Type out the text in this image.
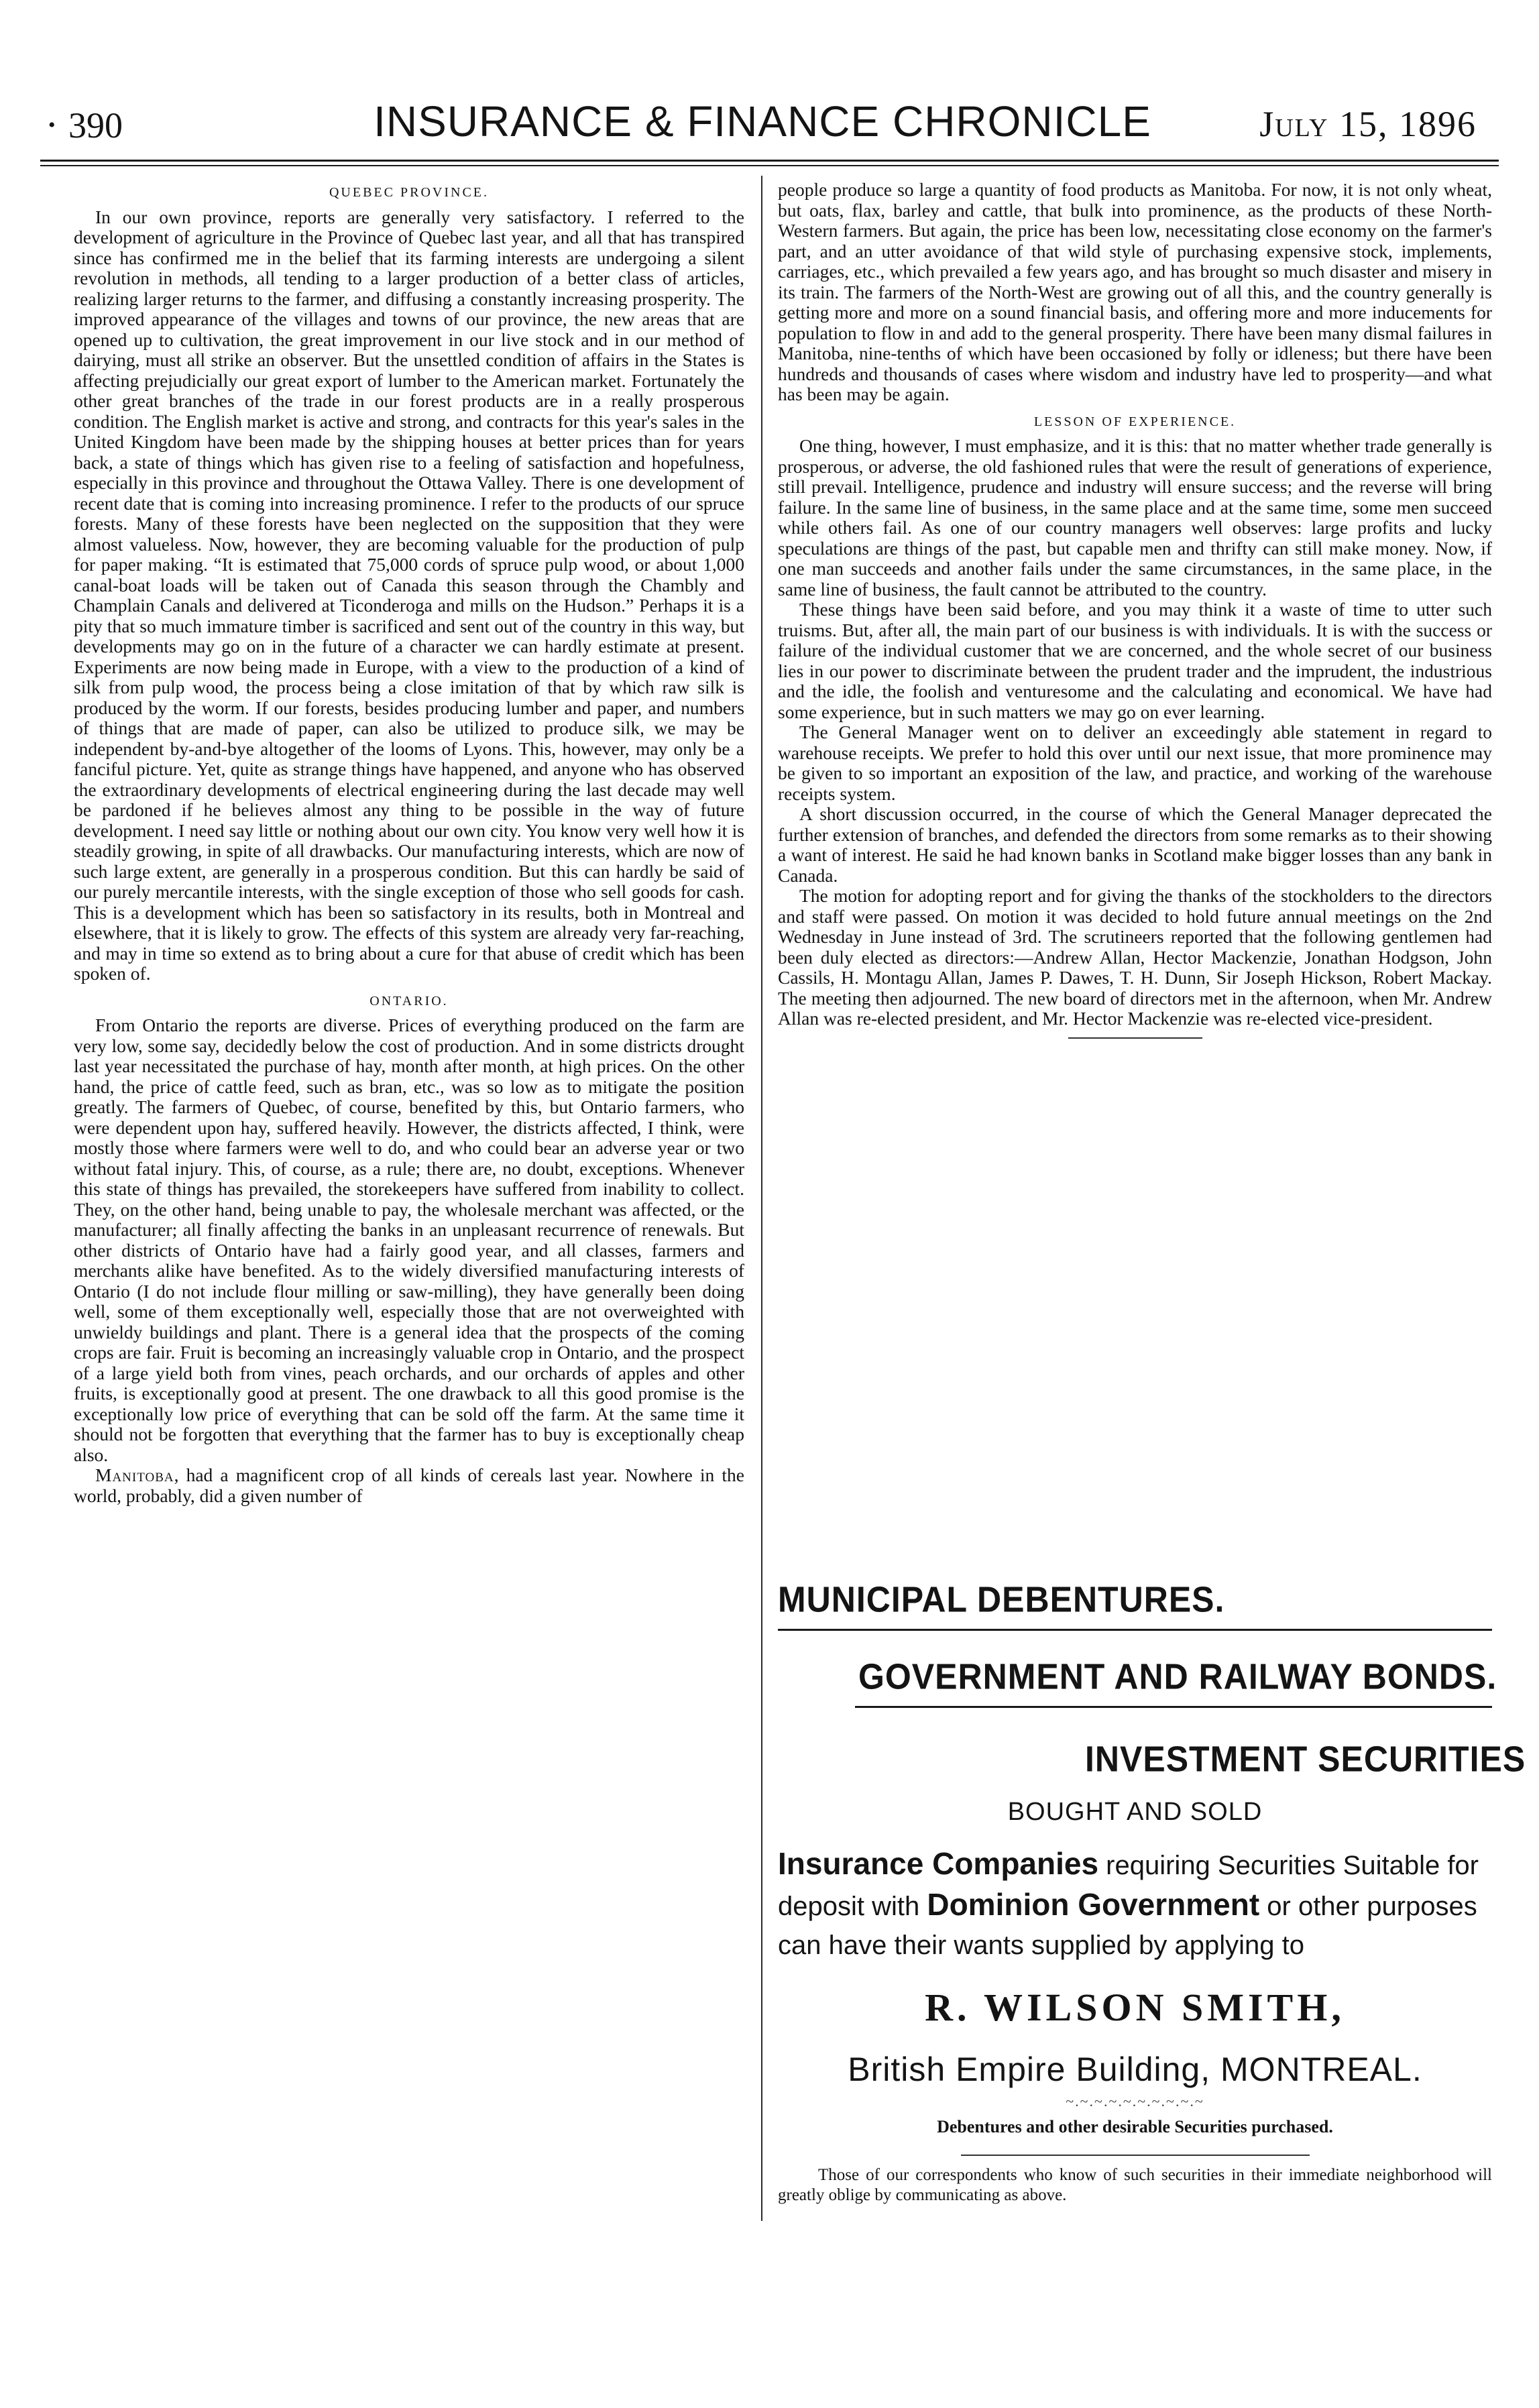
• 390	INSURANCE & FINANCE CHRONICLE	July 15, 1896
QUEBEC PROVINCE.

In our own province, reports are generally very satisfactory. I referred to the development of agriculture in the Province of Quebec last year, and all that has transpired since has confirmed me in the belief that its farming interests are undergoing a silent revolution in methods, all tending to a larger production of a better class of articles, realizing larger returns to the farmer, and diffusing a constantly increasing prosperity. The improved appearance of the villages and towns of our province, the new areas that are opened up to cultivation, the great improvement in our live stock and in our method of dairying, must all strike an observer. But the unsettled condition of affairs in the States is affecting prejudicially our great export of lumber to the American market. Fortunately the other great branches of the trade in our forest products are in a really prosperous condition. The English market is active and strong, and contracts for this year's sales in the United Kingdom have been made by the shipping houses at better prices than for years back, a state of things which has given rise to a feeling of satisfaction and hopefulness, especially in this province and throughout the Ottawa Valley. There is one development of recent date that is coming into increasing prominence. I refer to the products of our spruce forests. Many of these forests have been neglected on the supposition that they were almost valueless. Now, however, they are becoming valuable for the production of pulp for paper making. “It is estimated that 75,000 cords of spruce pulp wood, or about 1,000 canal-boat loads will be taken out of Canada this season through the Chambly and Champlain Canals and delivered at Ticonderoga and mills on the Hudson.” Perhaps it is a pity that so much immature timber is sacrificed and sent out of the country in this way, but developments may go on in the future of a character we can hardly estimate at present. Experiments are now being made in Europe, with a view to the production of a kind of silk from pulp wood, the process being a close imitation of that by which raw silk is produced by the worm. If our forests, besides producing lumber and paper, and numbers of things that are made of paper, can also be utilized to produce silk, we may be independent by-and-bye altogether of the looms of Lyons. This, however, may only be a fanciful picture. Yet, quite as strange things have happened, and anyone who has observed the extraordinary developments of electrical engineering during the last decade may well be pardoned if he believes almost any thing to be possible in the way of future development. I need say little or nothing about our own city. You know very well how it is steadily growing, in spite of all drawbacks. Our manufacturing interests, which are now of such large extent, are generally in a prosperous condition. But this can hardly be said of our purely mercantile interests, with the single exception of those who sell goods for cash. This is a development which has been so satisfactory in its results, both in Montreal and elsewhere, that it is likely to grow. The effects of this system are already very far-reaching, and may in time so extend as to bring about a cure for that abuse of credit which has been spoken of.

ONTARIO.

From Ontario the reports are diverse. Prices of everything produced on the farm are very low, some say, decidedly below the cost of production. And in some districts drought last year necessitated the purchase of hay, month after month, at high prices. On the other hand, the price of cattle feed, such as bran, etc., was so low as to mitigate the position greatly. The farmers of Quebec, of course, benefited by this, but Ontario farmers, who were dependent upon hay, suffered heavily. However, the districts affected, I think, were mostly those where farmers were well to do, and who could bear an adverse year or two without fatal injury. This, of course, as a rule; there are, no doubt, exceptions. Whenever this state of things has prevailed, the storekeepers have suffered from inability to collect. They, on the other hand, being unable to pay, the wholesale merchant was affected, or the manufacturer; all finally affecting the banks in an unpleasant recurrence of renewals. But other districts of Ontario have had a fairly good year, and all classes, farmers and merchants alike have benefited. As to the widely diversified manufacturing interests of Ontario (I do not include flour milling or saw-milling), they have generally been doing well, some of them exceptionally well, especially those that are not overweighted with unwieldy buildings and plant. There is a general idea that the prospects of the coming crops are fair. Fruit is becoming an increasingly valuable crop in Ontario, and the prospect of a large yield both from vines, peach orchards, and our orchards of apples and other fruits, is exceptionally good at present. The one drawback to all this good promise is the exceptionally low price of everything that can be sold off the farm. At the same time it should not be forgotten that everything that the farmer has to buy is exceptionally cheap also.

Manitoba, had a magnificent crop of all kinds of cereals last year. Nowhere in the world, probably, did a given number of

people produce so large a quantity of food products as Manitoba. For now, it is not only wheat, but oats, flax, barley and cattle, that bulk into prominence, as the products of these North-Western farmers. But again, the price has been low, necessitating close economy on the farmer's part, and an utter avoidance of that wild style of purchasing expensive stock, implements, carriages, etc., which prevailed a few years ago, and has brought so much disaster and misery in its train. The farmers of the North-West are growing out of all this, and the country generally is getting more and more on a sound financial basis, and offering more and more inducements for population to flow in and add to the general prosperity. There have been many dismal failures in Manitoba, nine-tenths of which have been occasioned by folly or idleness; but there have been hundreds and thousands of cases where wisdom and industry have led to prosperity—and what has been may be again.

LESSON OF EXPERIENCE.

One thing, however, I must emphasize, and it is this: that no matter whether trade generally is prosperous, or adverse, the old fashioned rules that were the result of generations of experience, still prevail. Intelligence, prudence and industry will ensure success; and the reverse will bring failure. In the same line of business, in the same place and at the same time, some men succeed while others fail. As one of our country managers well observes: large profits and lucky speculations are things of the past, but capable men and thrifty can still make money. Now, if one man succeeds and another fails under the same circumstances, in the same place, in the same line of business, the fault cannot be attributed to the country.

These things have been said before, and you may think it a waste of time to utter such truisms. But, after all, the main part of our business is with individuals. It is with the success or failure of the individual customer that we are concerned, and the whole secret of our business lies in our power to discriminate between the prudent trader and the imprudent, the industrious and the idle, the foolish and venturesome and the calculating and economical. We have had some experience, but in such matters we may go on ever learning.

The General Manager went on to deliver an exceedingly able statement in regard to warehouse receipts. We prefer to hold this over until our next issue, that more prominence may be given to so important an exposition of the law, and practice, and working of the warehouse receipts system.

A short discussion occurred, in the course of which the General Manager deprecated the further extension of branches, and defended the directors from some remarks as to their showing a want of interest. He said he had known banks in Scotland make bigger losses than any bank in Canada.

The motion for adopting report and for giving the thanks of the stockholders to the directors and staff were passed. On motion it was decided to hold future annual meetings on the 2nd Wednesday in June instead of 3rd. The scrutineers reported that the following gentlemen had been duly elected as directors:—Andrew Allan, Hector Mackenzie, Jonathan Hodgson, John Cassils, H. Montagu Allan, James P. Dawes, T. H. Dunn, Sir Joseph Hickson, Robert Mackay. The meeting then adjourned. The new board of directors met in the afternoon, when Mr. Andrew Allan was re-elected president, and Mr. Hector Mackenzie was re-elected vice-president.

MUNICIPAL DEBENTURES.
GOVERNMENT AND RAILWAY BONDS.
INVESTMENT SECURITIES
BOUGHT AND SOLD
Insurance Companies requiring Securities Suitable for deposit with Dominion Government or other purposes can have their wants supplied by applying to
R. WILSON SMITH,
British Empire Building, MONTREAL.
~.~.~.~.~.~.~.~.~.~
Debentures and other desirable Securities purchased.
Those of our correspondents who know of such securities in their immediate neighborhood will greatly oblige by communicating as above.
